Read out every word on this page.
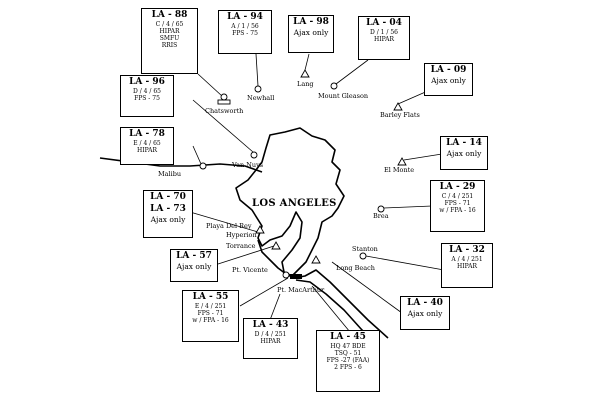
LOS ANGELES
Chatsworth
Newhall
Lang
Mount Gleason
Barley Flats
Van Nuys
Malibu	El Monte
Brea
Playa Del Rey
Hyperion
Torrance	Stanton
Long Beach
Pt. Vicente
Pt. MacArthur
LA - 88
C / 4 / 65
HIPAR
SMFU
RRIS
LA - 94
A / 1 / 56
FPS - 75
LA - 98
Ajax only
LA - 04
D / 1 / 56
HIPAR
LA - 09
Ajax only
LA - 96
D / 4 / 65
FPS - 75
LA - 78
E / 4 / 65
HIPAR
LA - 14
Ajax only
LA - 70
LA - 73
Ajax only
LA - 29
C / 4 / 251
FPS - 71
w / FPA - 16
LA - 57
Ajax only
LA - 32
A / 4 / 251
HIPAR
LA - 55
E / 4 / 251
FPS - 71
w / FPA - 16
LA - 40
Ajax only
LA - 43
D / 4 / 251
HIPAR	LA - 45
HQ 47 BDE
TSQ - 51
FPS -27 (FAA)
2 FPS - 6
